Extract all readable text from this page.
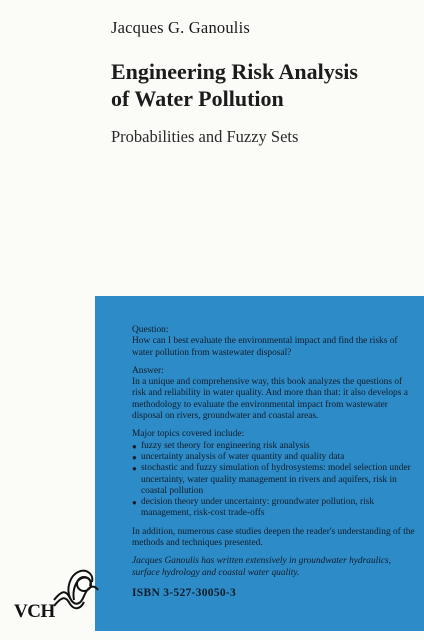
Jacques G. Ganoulis
Engineering Risk Analysis
of Water Pollution
Probabilities and Fuzzy Sets

Question:
How can I best evaluate the environmental impact and find the risks of water pollution from wastewater disposal?

Answer:
In a unique and comprehensive way, this book analyzes the questions of risk and reliability in water quality. And more than that: it also develops a methodology to evaluate the environmental impact from wastewater disposal on rivers, groundwater and coastal areas.

Major topics covered include:
● fuzzy set theory for engineering risk analysis
● uncertainty analysis of water quantity and quality data
● stochastic and fuzzy simulation of hydrosystems: model selection under uncertainty, water quality management in rivers and aquifers, risk in coastal pollution
● decision theory under uncertainty: groundwater pollution, risk management, risk-cost trade-offs

In addition, numerous case studies deepen the reader's understanding of the methods and techniques presented.

Jacques Ganoulis has written extensively in groundwater hydraulics, surface hydrology and coastal water quality.

ISBN 3-527-30050-3
VCH
